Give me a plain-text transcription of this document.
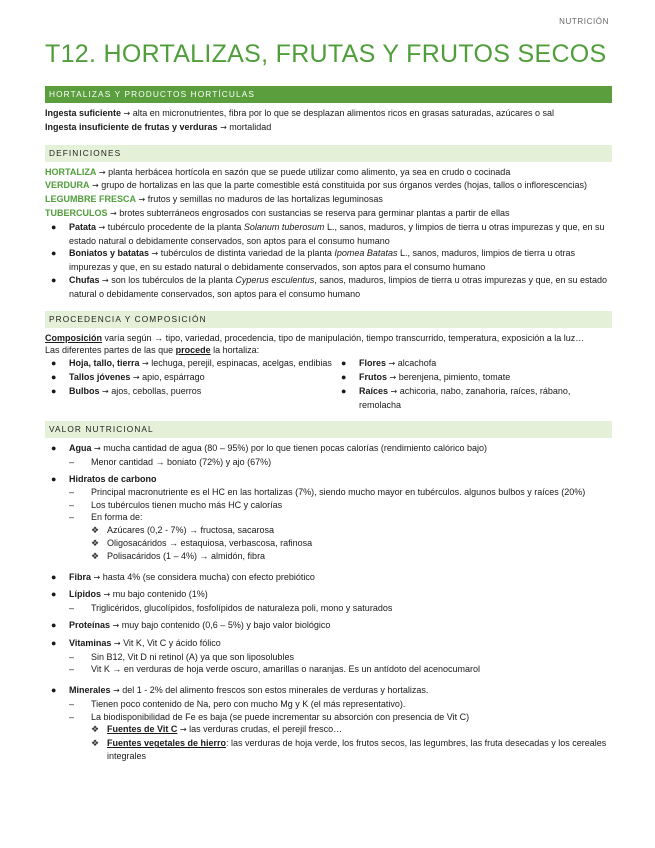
NUTRICIÓN
T12. HORTALIZAS, FRUTAS Y FRUTOS SECOS
HORTALIZAS Y PRODUCTOS HORTÍCULAS
Ingesta suficiente → alta en micronutrientes, fibra por lo que se desplazan alimentos ricos en grasas saturadas, azúcares o sal
Ingesta insuficiente de frutas y verduras → mortalidad
DEFINICIONES
HORTALIZA → planta herbácea hortícola en sazón que se puede utilizar como alimento, ya sea en crudo o cocinada
VERDURA → grupo de hortalizas en las que la parte comestible está constituida por sus órganos verdes (hojas, tallos o inflorescencias)
LEGUMBRE FRESCA → frutos y semillas no maduros de las hortalizas leguminosas
TUBERCULOS → brotes subterráneos engrosados con sustancias se reserva para germinar plantas a partir de ellas
●	Patata → tubérculo procedente de la planta Solanum tuberosum L., sanos, maduros, y limpios de tierra u otras impurezas y que, en su estado natural o debidamente conservados, son aptos para el consumo humano
●	Boniatos y batatas → tubérculos de distinta variedad de la planta Ipomea Batatas L., sanos, maduros, limpios de tierra u otras impurezas y que, en su estado natural o debidamente conservados, son aptos para el consumo humano
●	Chufas → son los tubérculos de la planta Cyperus esculentus, sanos, maduros, limpios de tierra u otras impurezas y que, en su estado natural o debidamente conservados, son aptos para el consumo humano
PROCEDENCIA Y COMPOSICIÓN
Composición varía según → tipo, variedad, procedencia, tipo de manipulación, tiempo transcurrido, temperatura, exposición a la luz…
Las diferentes partes de las que procede la hortaliza:
●	Hoja, tallo, tierra → lechuga, perejil, espinacas, acelgas, endibias
●	Tallos jóvenes → apio, espárrago
●	Bulbos → ajos, cebollas, puerros
●	Flores → alcachofa
●	Frutos → berenjena, pimiento, tomate
●	Raíces → achicoria, nabo, zanahoria, raíces, rábano, remolacha
VALOR NUTRICIONAL
●	Agua → mucha cantidad de agua (80 – 95%) por lo que tienen pocas calorías (rendimiento calórico bajo)
–	Menor cantidad → boniato (72%) y ajo (67%)
●	Hidratos de carbono
–	Principal macronutriente es el HC en las hortalizas (7%), siendo mucho mayor en tubérculos. algunos bulbos y raíces (20%)
–	Los tubérculos tienen mucho más HC y calorías
–	En forma de:
❖ Azúcares (0,2 - 7%) → fructosa, sacarosa
❖ Oligosacáridos → estaquiosa, verbascosa, rafinosa
❖ Polisacáridos (1 – 4%) → almidón, fibra
●	Fibra → hasta 4% (se considera mucha) con efecto prebiótico
●	Lípidos → mu bajo contenido (1%)
–	Triglicéridos, glucolípidos, fosfolípidos de naturaleza poli, mono y saturados
●	Proteínas → muy bajo contenido (0,6 – 5%) y bajo valor biológico
●	Vitaminas → Vit K, Vit C y ácido fólico
–	Sin B12, Vit D ni retinol (A) ya que son liposolubles
–	Vit K → en verduras de hoja verde oscuro, amarillas o naranjas. Es un antídoto del acenocumarol
●	Minerales → del 1 - 2% del alimento frescos son estos minerales de verduras y hortalizas.
–	Tienen poco contenido de Na, pero con mucho Mg y K (el más representativo).
–	La biodisponibilidad de Fe es baja (se puede incrementar su absorción con presencia de Vit C)
❖ Fuentes de Vit C → las verduras crudas, el perejil fresco…
❖ Fuentes vegetales de hierro: las verduras de hoja verde, los frutos secos, las legumbres, las fruta desecadas y los cereales integrales
